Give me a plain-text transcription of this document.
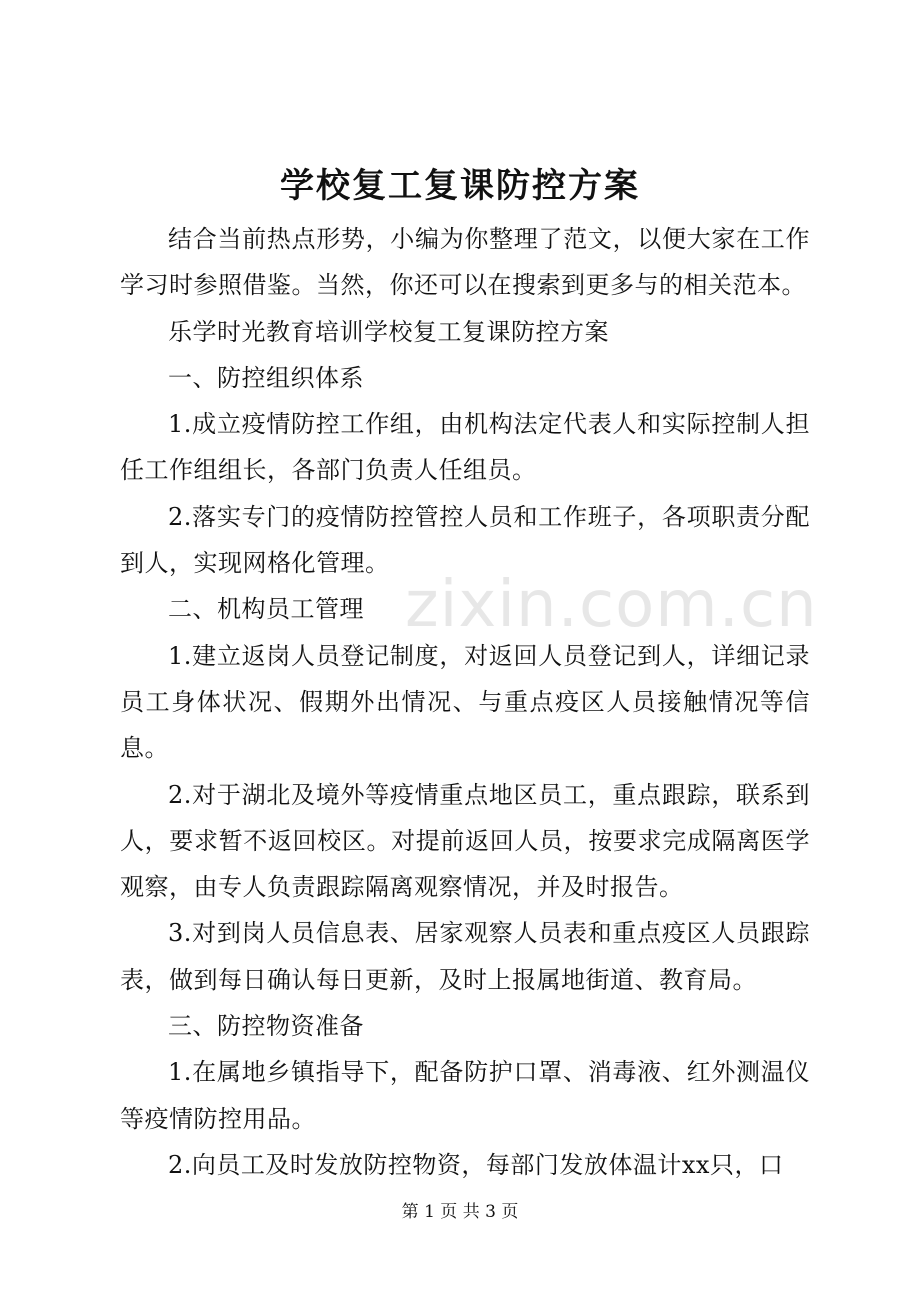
学校复工复课防控方案

结合当前热点形势，小编为你整理了范文，以便大家在工作学习时参照借鉴。当然，你还可以在搜索到更多与的相关范本。

乐学时光教育培训学校复工复课防控方案

一、防控组织体系

1.成立疫情防控工作组，由机构法定代表人和实际控制人担任工作组组长，各部门负责人任组员。

2.落实专门的疫情防控管控人员和工作班子，各项职责分配到人，实现网格化管理。

二、机构员工管理

1.建立返岗人员登记制度，对返回人员登记到人，详细记录员工身体状况、假期外出情况、与重点疫区人员接触情况等信息。

2.对于湖北及境外等疫情重点地区员工，重点跟踪，联系到人，要求暂不返回校区。对提前返回人员，按要求完成隔离医学观察，由专人负责跟踪隔离观察情况，并及时报告。

3.对到岗人员信息表、居家观察人员表和重点疫区人员跟踪表，做到每日确认每日更新，及时上报属地街道、教育局。

三、防控物资准备

1.在属地乡镇指导下，配备防护口罩、消毒液、红外测温仪等疫情防控用品。

2.向员工及时发放防控物资，每部门发放体温计xx只，口

zixin.com.cn
第 1 页 共 3 页
